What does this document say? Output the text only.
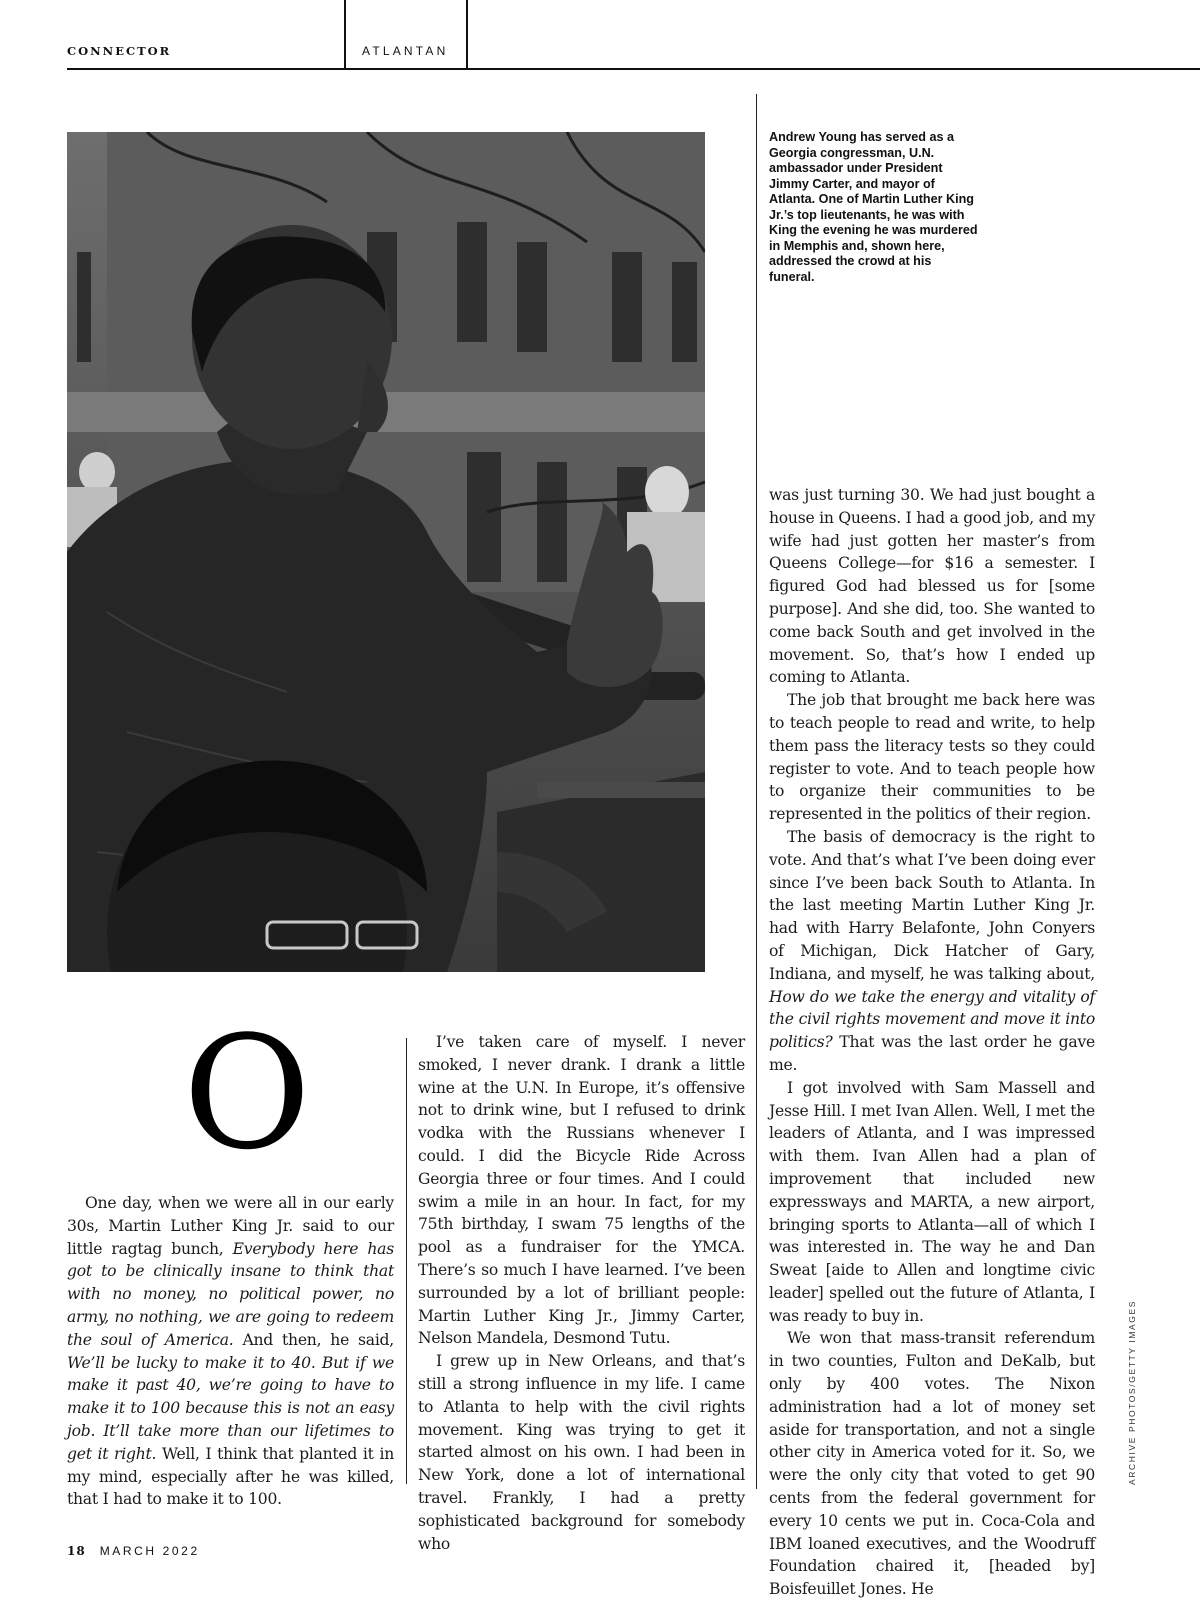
CONNECTOR	ATLANTAN

Andrew Young has served as a Georgia congressman, U.N. ambassador under President Jimmy Carter, and mayor of Atlanta. One of Martin Luther King Jr.’s top lieutenants, he was with King the evening he was murdered in Memphis and, shown here, addressed the crowd at his funeral.

O

One day, when we were all in our early 30s, Martin Luther King Jr. said to our little ragtag bunch, Everybody here has got to be clinically insane to think that with no money, no political power, no army, no nothing, we are going to redeem the soul of America. And then, he said, We’ll be lucky to make it to 40. But if we make it past 40, we’re going to have to make it to 100 because this is not an easy job. It’ll take more than our lifetimes to get it right. Well, I think that planted it in my mind, especially after he was killed, that I had to make it to 100.

I’ve taken care of myself. I never smoked, I never drank. I drank a little wine at the U.N. In Europe, it’s offensive not to drink wine, but I refused to drink vodka with the Russians whenever I could. I did the Bicycle Ride Across Georgia three or four times. And I could swim a mile in an hour. In fact, for my 75th birthday, I swam 75 lengths of the pool as a fundraiser for the YMCA. There’s so much I have learned. I’ve been surrounded by a lot of brilliant people: Martin Luther King Jr., Jimmy Carter, Nelson Mandela, Desmond Tutu.

I grew up in New Orleans, and that’s still a strong influence in my life. I came to Atlanta to help with the civil rights movement. King was trying to get it started almost on his own. I had been in New York, done a lot of international travel. Frankly, I had a pretty sophisticated background for somebody who

was just turning 30. We had just bought a house in Queens. I had a good job, and my wife had just gotten her master’s from Queens College—for $16 a semester. I figured God had blessed us for [some purpose]. And she did, too. She wanted to come back South and get involved in the movement. So, that’s how I ended up coming to Atlanta.

The job that brought me back here was to teach people to read and write, to help them pass the literacy tests so they could register to vote. And to teach people how to organize their communities to be represented in the politics of their region.

The basis of democracy is the right to vote. And that’s what I’ve been doing ever since I’ve been back South to Atlanta. In the last meeting Martin Luther King Jr. had with Harry Belafonte, John Conyers of Michigan, Dick Hatcher of Gary, Indiana, and myself, he was talking about, How do we take the energy and vitality of the civil rights movement and move it into politics? That was the last order he gave me.

I got involved with Sam Massell and Jesse Hill. I met Ivan Allen. Well, I met the leaders of Atlanta, and I was impressed with them. Ivan Allen had a plan of improvement that included new expressways and MARTA, a new airport, bringing sports to Atlanta—all of which I was interested in. The way he and Dan Sweat [aide to Allen and longtime civic leader] spelled out the future of Atlanta, I was ready to buy in.

We won that mass-transit referendum in two counties, Fulton and DeKalb, but only by 400 votes. The Nixon administration had a lot of money set aside for transportation, and not a single other city in America voted for it. So, we were the only city that voted to get 90 cents from the federal government for every 10 cents we put in. Coca-Cola and IBM loaned executives, and the Woodruff Foundation chaired it, [headed by] Boisfeuillet Jones. He

ARCHIVE PHOTOS/GETTY IMAGES
18 MARCH 2022
